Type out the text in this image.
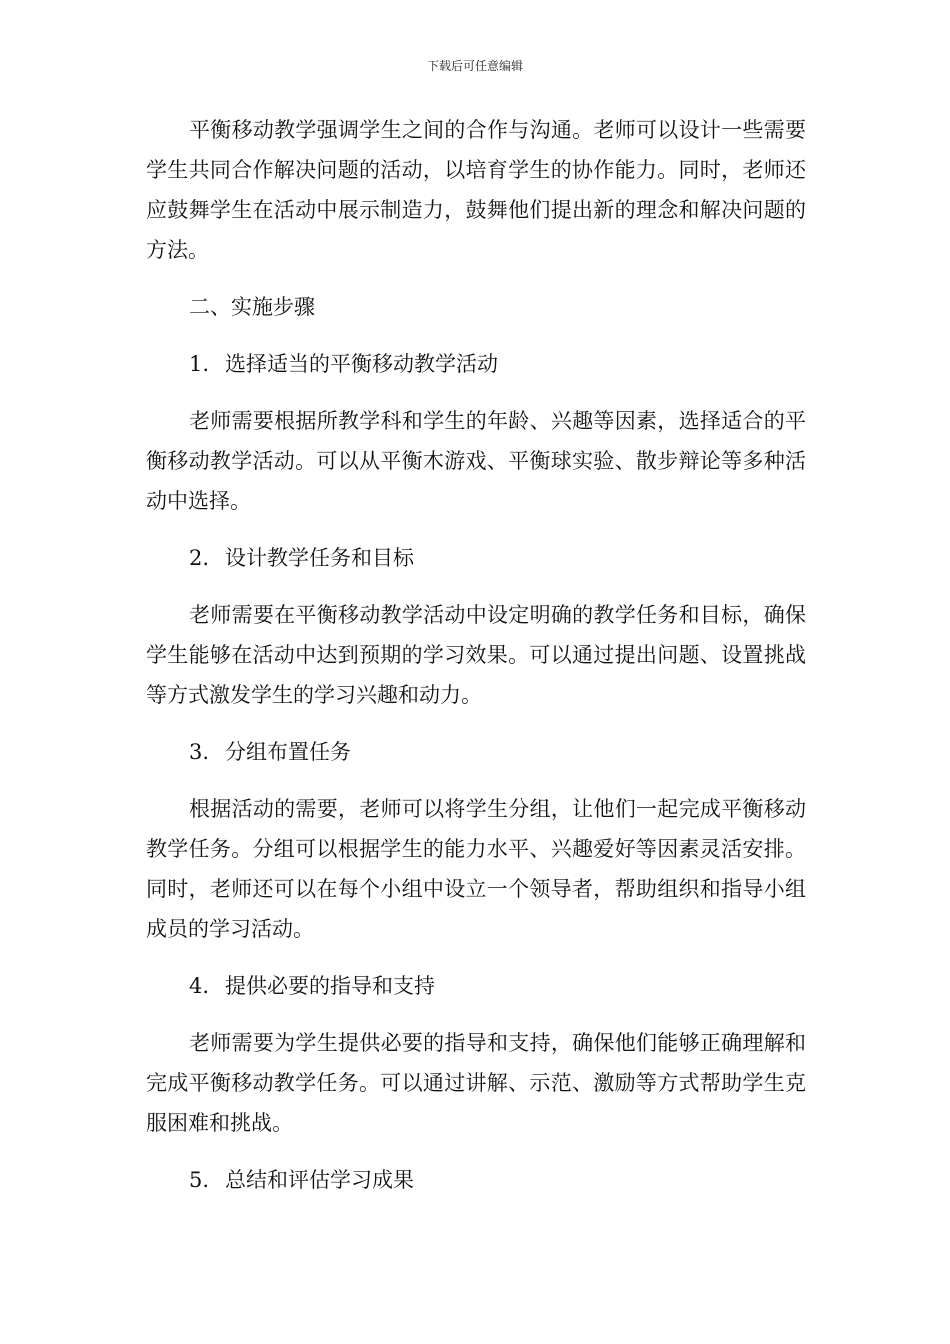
下载后可任意编辑

平衡移动教学强调学生之间的合作与沟通。老师可以设计一些需要学生共同合作解决问题的活动，以培育学生的协作能力。同时，老师还应鼓舞学生在活动中展示制造力，鼓舞他们提出新的理念和解决问题的方法。

二、实施步骤

1. 选择适当的平衡移动教学活动

老师需要根据所教学科和学生的年龄、兴趣等因素，选择适合的平衡移动教学活动。可以从平衡木游戏、平衡球实验、散步辩论等多种活动中选择。

2. 设计教学任务和目标

老师需要在平衡移动教学活动中设定明确的教学任务和目标，确保学生能够在活动中达到预期的学习效果。可以通过提出问题、设置挑战等方式激发学生的学习兴趣和动力。

3. 分组布置任务

根据活动的需要，老师可以将学生分组，让他们一起完成平衡移动教学任务。分组可以根据学生的能力水平、兴趣爱好等因素灵活安排。同时，老师还可以在每个小组中设立一个领导者，帮助组织和指导小组成员的学习活动。

4. 提供必要的指导和支持

老师需要为学生提供必要的指导和支持，确保他们能够正确理解和完成平衡移动教学任务。可以通过讲解、示范、激励等方式帮助学生克服困难和挑战。

5. 总结和评估学习成果
